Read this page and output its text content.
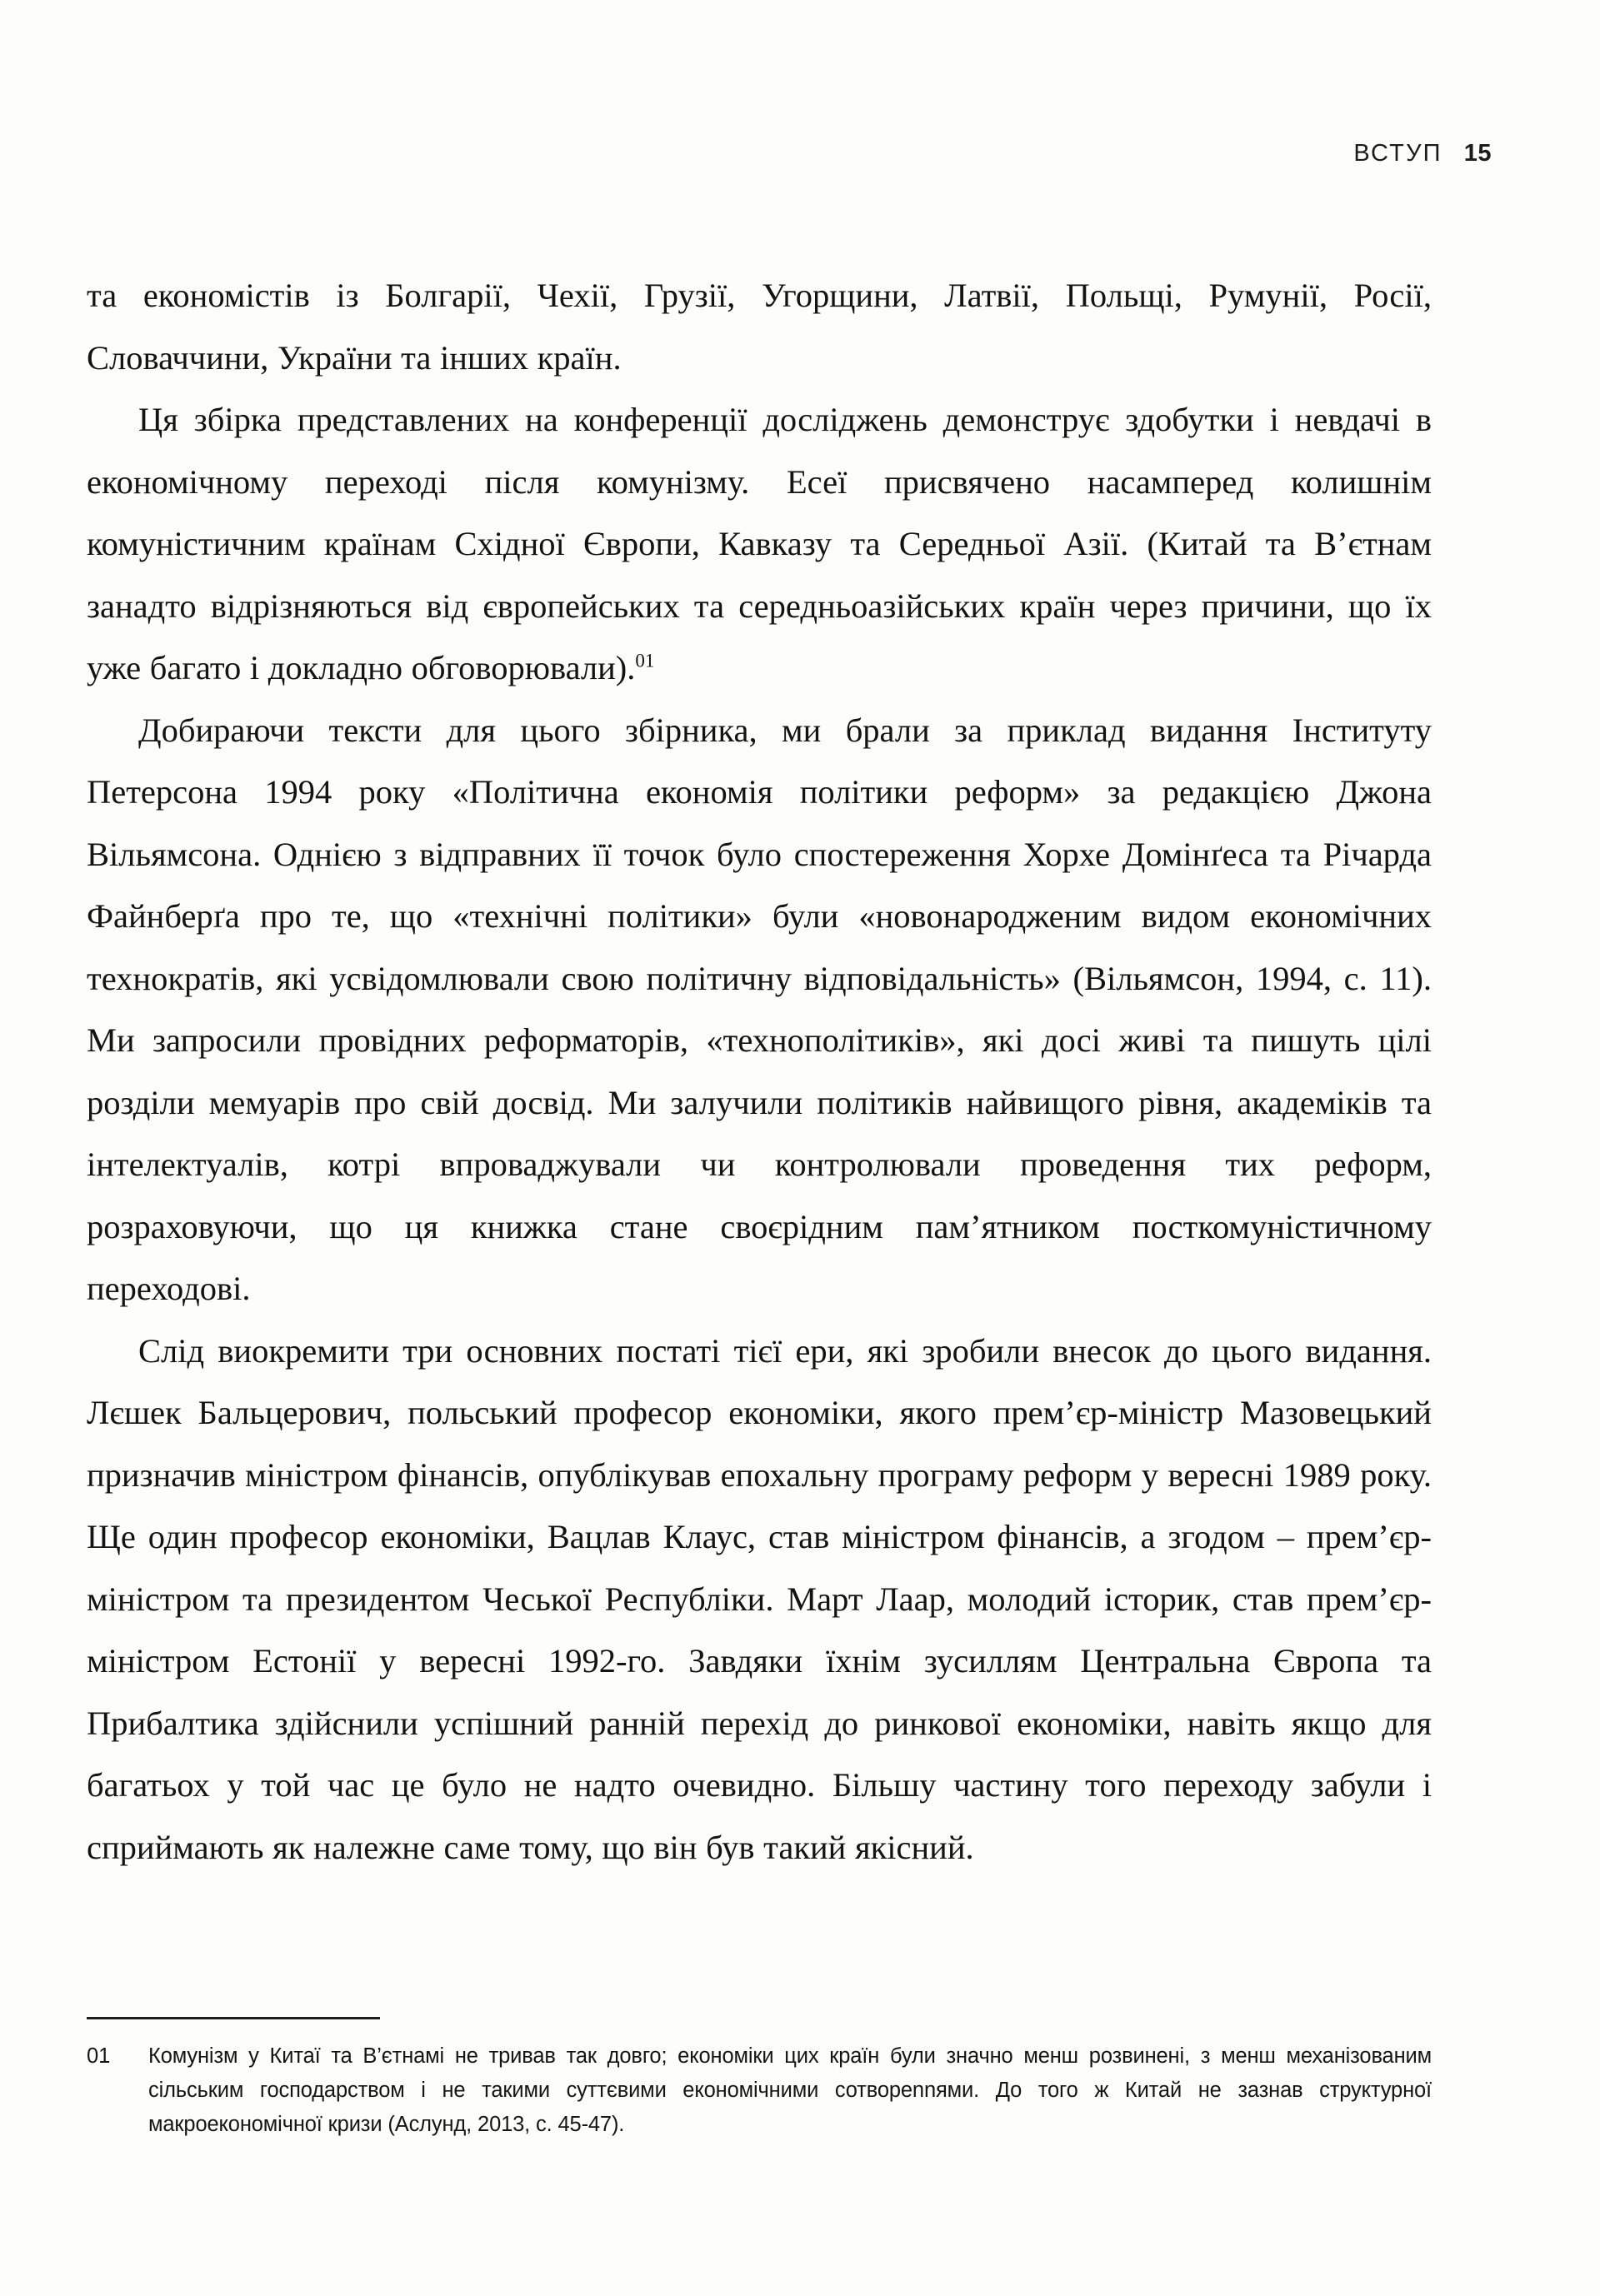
ВСТУП 15

та економістів із Болгарії, Чехії, Грузії, Угорщини, Латвії, Польщі, Румунії, Росії, Словаччини, України та інших країн.

Ця збірка представлених на конференції досліджень демонструє здобутки і невдачі в економічному переході після комунізму. Есеї присвячено насамперед колишнім комуністичним країнам Східної Європи, Кавказу та Середньої Азії. (Китай та В’єтнам занадто відрізняються від європейських та середньоазійських країн через причини, що їх уже багато і докладно обговорювали).$^{01}$

Добираючи тексти для цього збірника, ми брали за приклад видання Інституту Петерсона 1994 року «Політична економія політики реформ» за редакцією Джона Вільямсона. Однією з відправних її точок було спостереження Хорхе Домінґеса та Річарда Файнберґа про те, що «технічні політики» були «новонародженим видом економічних технократів, які усвідомлювали свою політичну відповідальність» (Вільямсон, 1994, с. 11). Ми запросили провідних реформаторів, «технополітиків», які досі живі та пишуть цілі розділи мемуарів про свій досвід. Ми залучили політиків найвищого рівня, академіків та інтелектуалів, котрі впроваджували чи контролювали проведення тих реформ, розраховуючи, що ця книжка стане своєрідним пам’ятником посткомуністичному переходові.

Слід виокремити три основних постаті тієї ери, які зробили внесок до цього видання. Лєшек Бальцерович, польський професор економіки, якого прем’єр-міністр Мазовецький призначив міністром фінансів, опублікував епохальну програму реформ у вересні 1989 року. Ще один професор економіки, Вацлав Клаус, став міністром фінансів, а згодом – прем’єр-міністром та президентом Чеської Республіки. Март Лаар, молодий історик, став прем’єр-міністром Естонії у вересні 1992-го. Завдяки їхнім зусиллям Центральна Європа та Прибалтика здійснили успішний ранній перехід до ринкової економіки, навіть якщо для багатьох у той час це було не надто очевидно. Більшу частину того переходу забули і сприймають як належне саме тому, що він був такий якісний.

01	Комунізм у Китаї та В’єтнамі не тривав так довго; економіки цих країн були значно менш розвинені, з менш механізованим сільським господарством і не такими суттєвими економічними сотворennями. До того ж Китай не зазнав структурної макроекономічної кризи (Аслунд, 2013, с. 45-47).
